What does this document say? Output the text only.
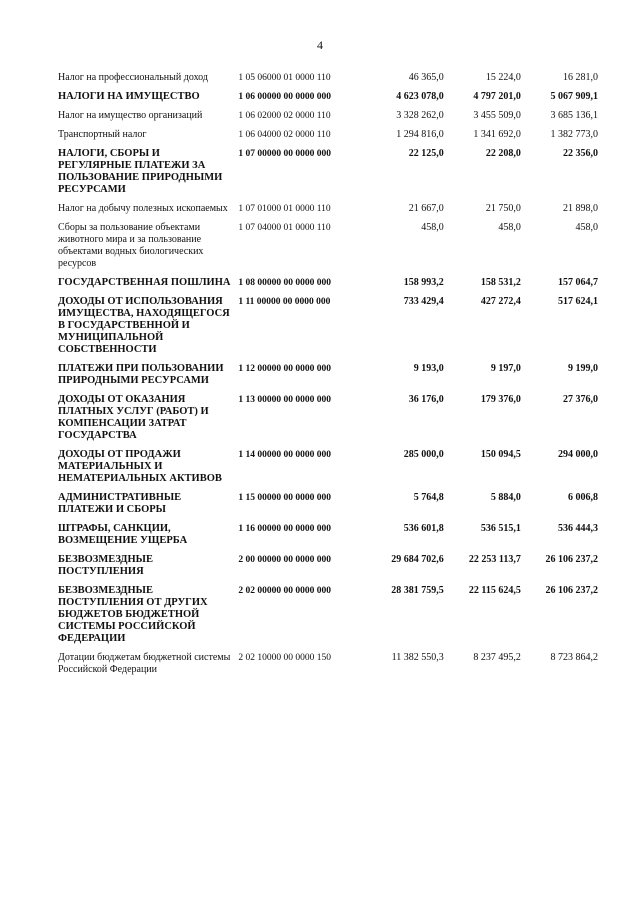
4
Налог на профессиональный доход	1 05 06000 01 0000 110	46 365,0	15 224,0	16 281,0
НАЛОГИ НА ИМУЩЕСТВО	1 06 00000 00 0000 000	4 623 078,0	4 797 201,0	5 067 909,1
Налог на имущество организаций	1 06 02000 02 0000 110	3 328 262,0	3 455 509,0	3 685 136,1
Транспортный налог	1 06 04000 02 0000 110	1 294 816,0	1 341 692,0	1 382 773,0
НАЛОГИ, СБОРЫ И РЕГУЛЯРНЫЕ ПЛАТЕЖИ ЗА ПОЛЬЗОВАНИЕ ПРИРОДНЫМИ РЕСУРСАМИ	1 07 00000 00 0000 000	22 125,0	22 208,0	22 356,0
Налог на добычу полезных ископаемых	1 07 01000 01 0000 110	21 667,0	21 750,0	21 898,0
Сборы за пользование объектами животного мира и за пользование объектами водных биологических ресурсов	1 07 04000 01 0000 110	458,0	458,0	458,0
ГОСУДАРСТВЕННАЯ ПОШЛИНА	1 08 00000 00 0000 000	158 993,2	158 531,2	157 064,7
ДОХОДЫ ОТ ИСПОЛЬЗОВАНИЯ ИМУЩЕСТВА, НАХОДЯЩЕГОСЯ В ГОСУДАРСТВЕННОЙ И МУНИЦИПАЛЬНОЙ СОБСТВЕННОСТИ	1 11 00000 00 0000 000	733 429,4	427 272,4	517 624,1
ПЛАТЕЖИ ПРИ ПОЛЬЗОВАНИИ ПРИРОДНЫМИ РЕСУРСАМИ	1 12 00000 00 0000 000	9 193,0	9 197,0	9 199,0
ДОХОДЫ ОТ ОКАЗАНИЯ ПЛАТНЫХ УСЛУГ (РАБОТ) И КОМПЕНСАЦИИ ЗАТРАТ ГОСУДАРСТВА	1 13 00000 00 0000 000	36 176,0	179 376,0	27 376,0
ДОХОДЫ ОТ ПРОДАЖИ МАТЕРИАЛЬНЫХ И НЕМАТЕРИАЛЬНЫХ АКТИВОВ	1 14 00000 00 0000 000	285 000,0	150 094,5	294 000,0
АДМИНИСТРАТИВНЫЕ ПЛАТЕЖИ И СБОРЫ	1 15 00000 00 0000 000	5 764,8	5 884,0	6 006,8
ШТРАФЫ, САНКЦИИ, ВОЗМЕЩЕНИЕ УЩЕРБА	1 16 00000 00 0000 000	536 601,8	536 515,1	536 444,3
БЕЗВОЗМЕЗДНЫЕ ПОСТУПЛЕНИЯ	2 00 00000 00 0000 000	29 684 702,6	22 253 113,7	26 106 237,2
БЕЗВОЗМЕЗДНЫЕ ПОСТУПЛЕНИЯ ОТ ДРУГИХ БЮДЖЕТОВ БЮДЖЕТНОЙ СИСТЕМЫ РОССИЙСКОЙ ФЕДЕРАЦИИ	2 02 00000 00 0000 000	28 381 759,5	22 115 624,5	26 106 237,2
Дотации бюджетам бюджетной системы Российской Федерации	2 02 10000 00 0000 150	11 382 550,3	8 237 495,2	8 723 864,2
